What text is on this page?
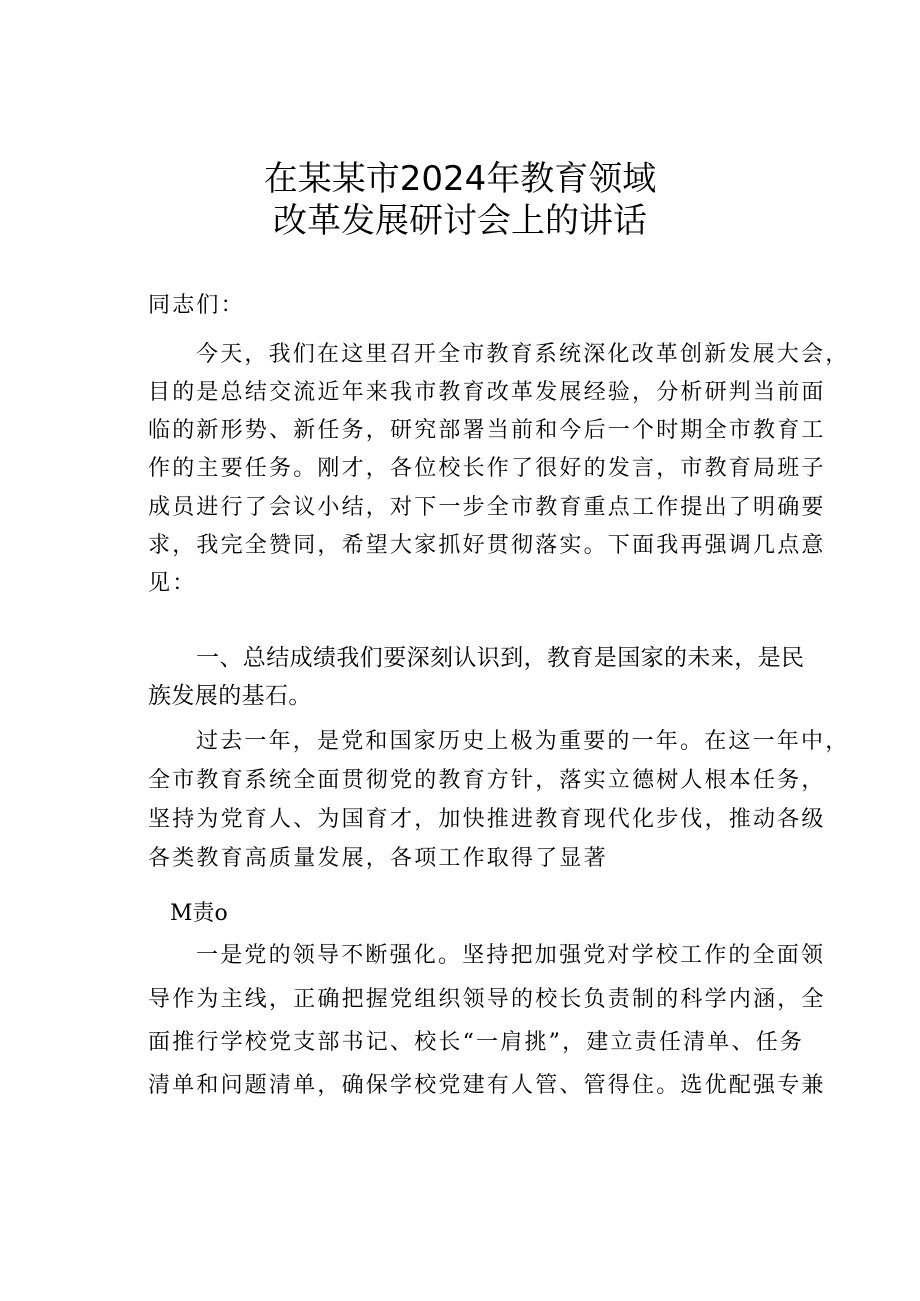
在某某市2024年教育领域
改革发展研讨会上的讲话
同志们：
今天，我们在这里召开全市教育系统深化改革创新发展大会，
目的是总结交流近年来我市教育改革发展经验，分析研判当前面
临的新形势、新任务，研究部署当前和今后一个时期全市教育工
作的主要任务。刚才，各位校长作了很好的发言，市教育局班子
成员进行了会议小结，对下一步全市教育重点工作提出了明确要
求，我完全赞同，希望大家抓好贯彻落实。下面我再强调几点意
见：
一、总结成绩我们要深刻认识到，教育是国家的未来，是民
族发展的基石。
过去一年，是党和国家历史上极为重要的一年。在这一年中，
全市教育系统全面贯彻党的教育方针，落实立德树人根本任务，
坚持为党育人、为国育才，加快推进教育现代化步伐，推动各级
各类教育高质量发展，各项工作取得了显著
M责o
一是党的领导不断强化。坚持把加强党对学校工作的全面领
导作为主线，正确把握党组织领导的校长负责制的科学内涵，全
面推行学校党支部书记、校长“一肩挑”，建立责任清单、任务
清单和问题清单，确保学校党建有人管、管得住。选优配强专兼
